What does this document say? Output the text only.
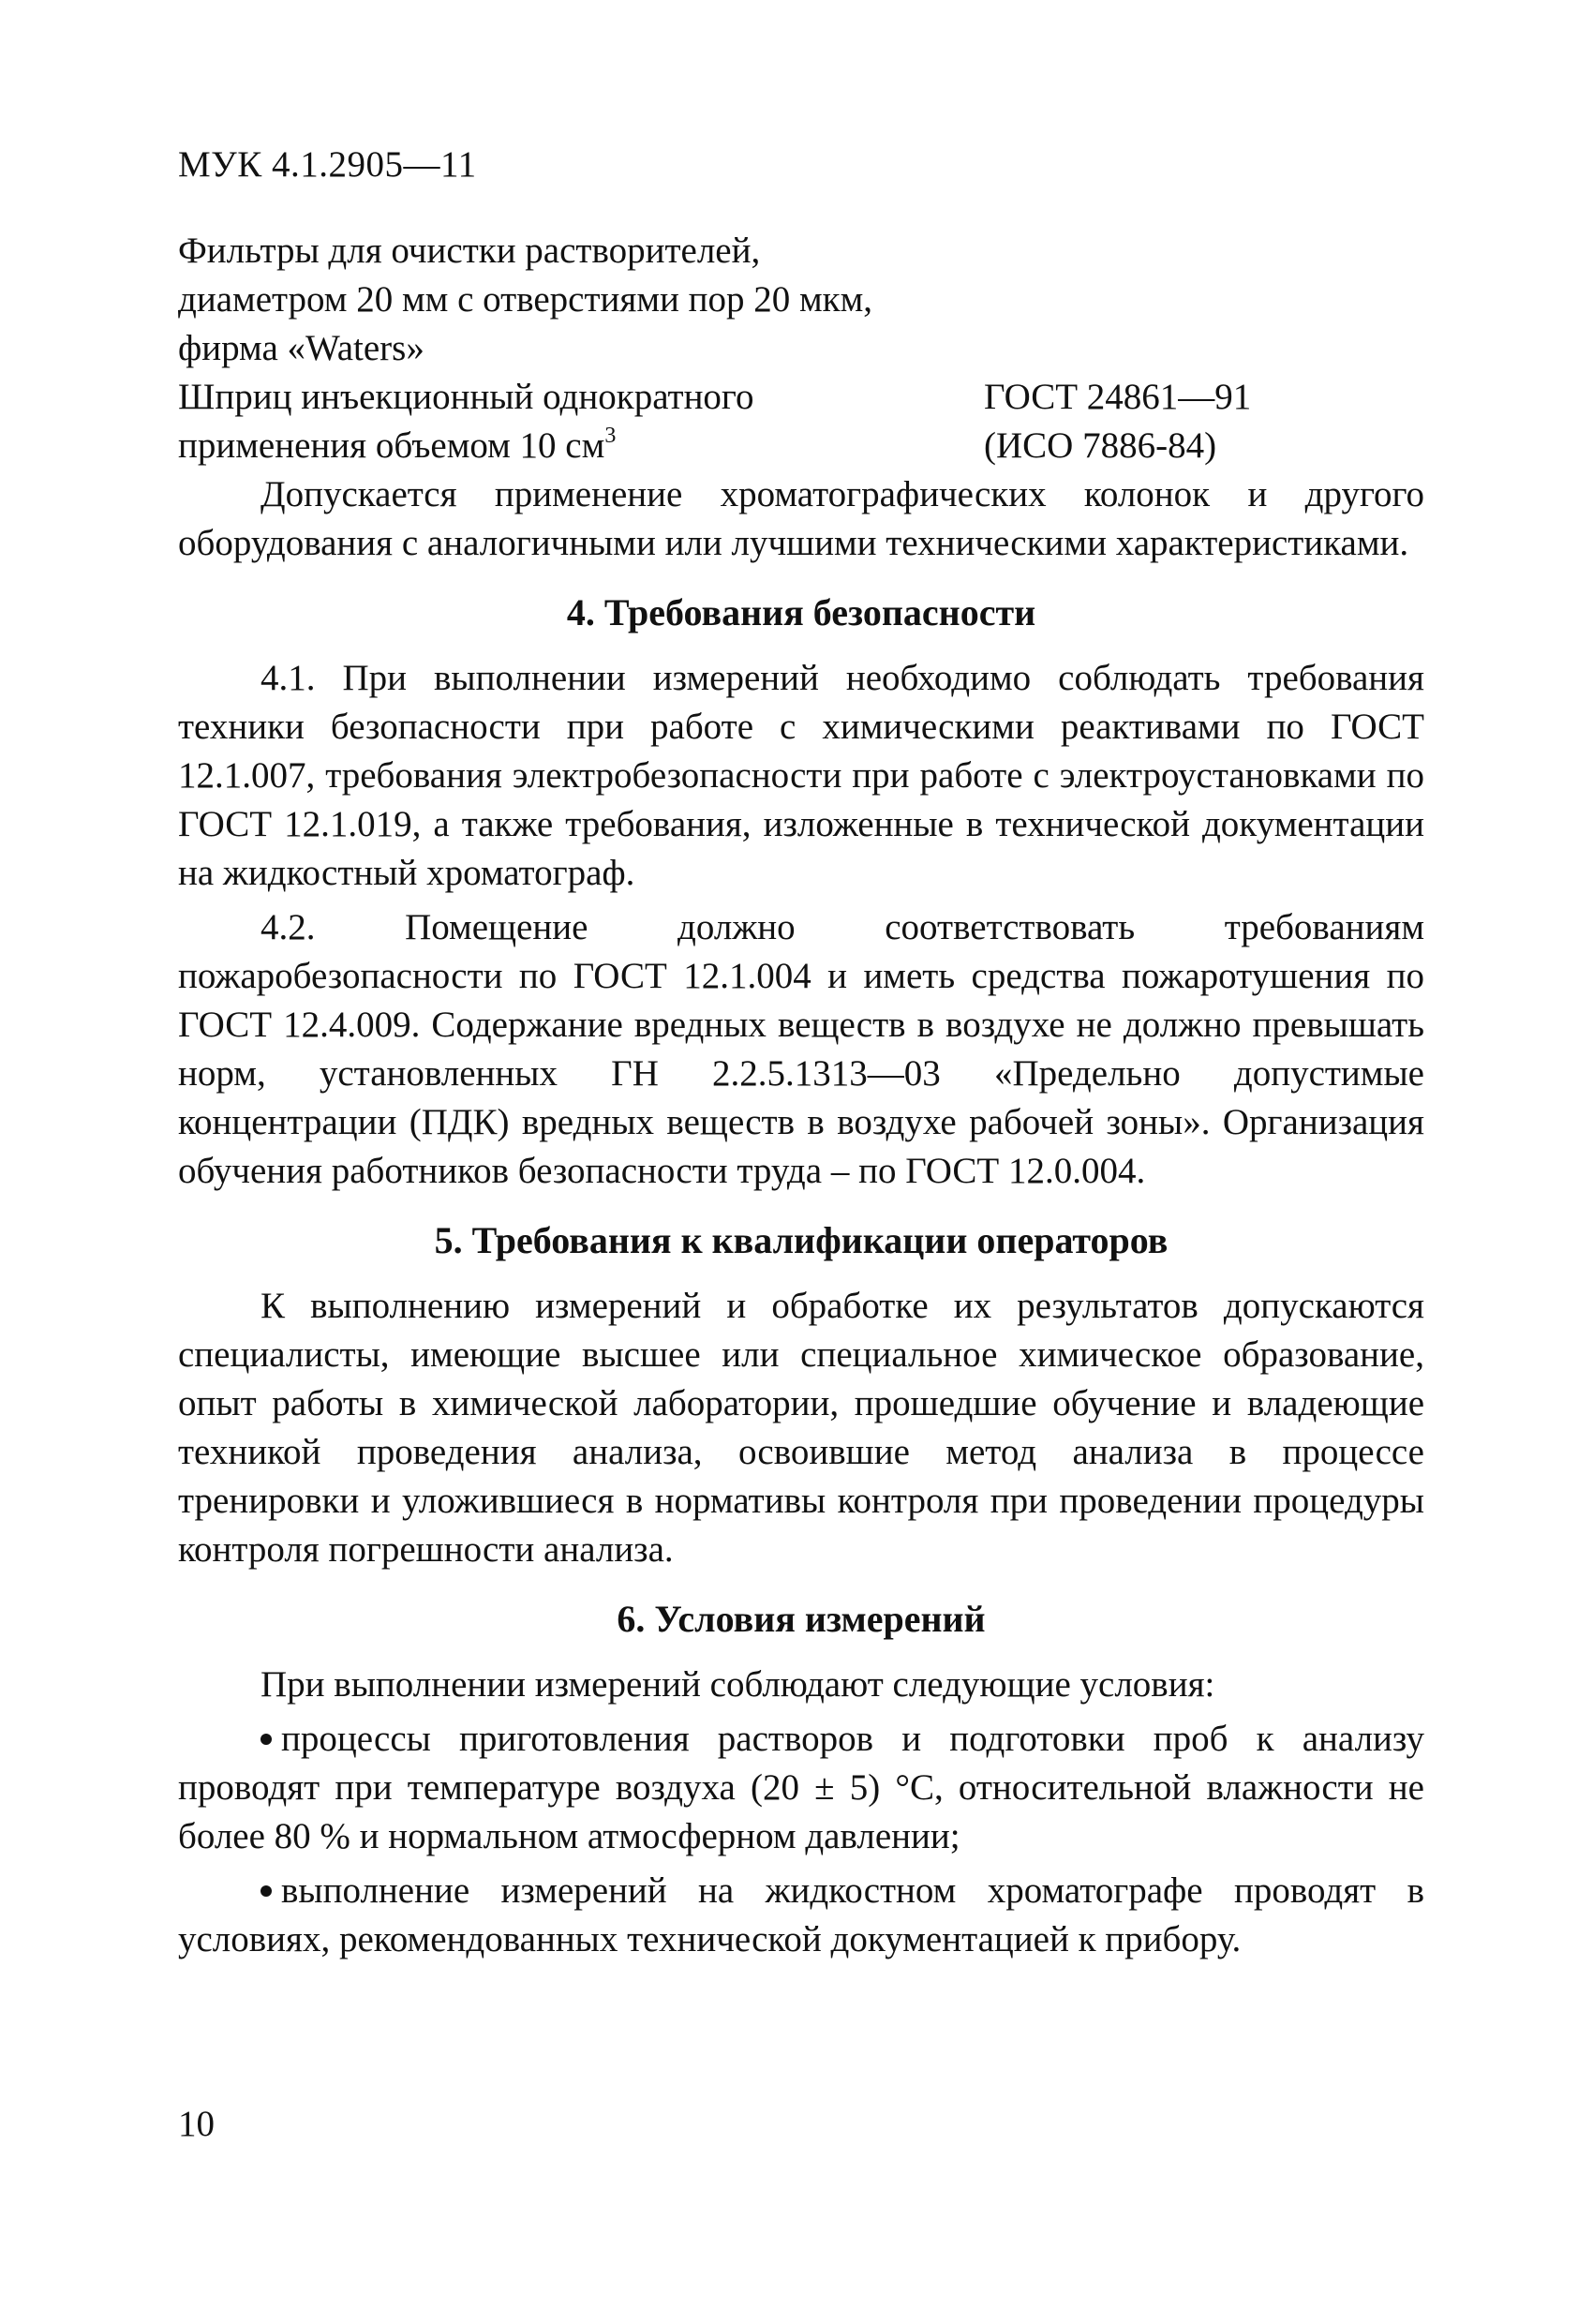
МУК 4.1.2905—11
Фильтры для очистки растворителей,
диаметром 20 мм с отверстиями пор 20 мкм,
фирма «Waters»
Шприц инъекционный однократного	ГОСТ 24861—91
применения объемом 10 $см^3$	(ИСО 7886-84)

Допускается применение хроматографических колонок и другого оборудования с аналогичными или лучшими техническими характеристиками.

4. Требования безопасности

4.1. При выполнении измерений необходимо соблюдать требования техники безопасности при работе с химическими реактивами по ГОСТ 12.1.007, требования электробезопасности при работе с электроустановками по ГОСТ 12.1.019, а также требования, изложенные в технической документации на жидкостный хроматограф.

4.2. Помещение должно соответствовать требованиям пожаробезопасности по ГОСТ 12.1.004 и иметь средства пожаротушения по ГОСТ 12.4.009. Содержание вредных веществ в воздухе не должно превышать норм, установленных ГН 2.2.5.1313—03 «Предельно допустимые концентрации (ПДК) вредных веществ в воздухе рабочей зоны». Организация обучения работников безопасности труда – по ГОСТ 12.0.004.

5. Требования к квалификации операторов

К выполнению измерений и обработке их результатов допускаются специалисты, имеющие высшее или специальное химическое образование, опыт работы в химической лаборатории, прошедшие обучение и владеющие техникой проведения анализа, освоившие метод анализа в процессе тренировки и уложившиеся в нормативы контроля при проведении процедуры контроля погрешности анализа.

6. Условия измерений

При выполнении измерений соблюдают следующие условия:

процессы приготовления растворов и подготовки проб к анализу проводят при температуре воздуха (20 ± 5) °С, относительной влажности не более 80 % и нормальном атмосферном давлении;

выполнение измерений на жидкостном хроматографе проводят в условиях, рекомендованных технической документацией к прибору.

10
